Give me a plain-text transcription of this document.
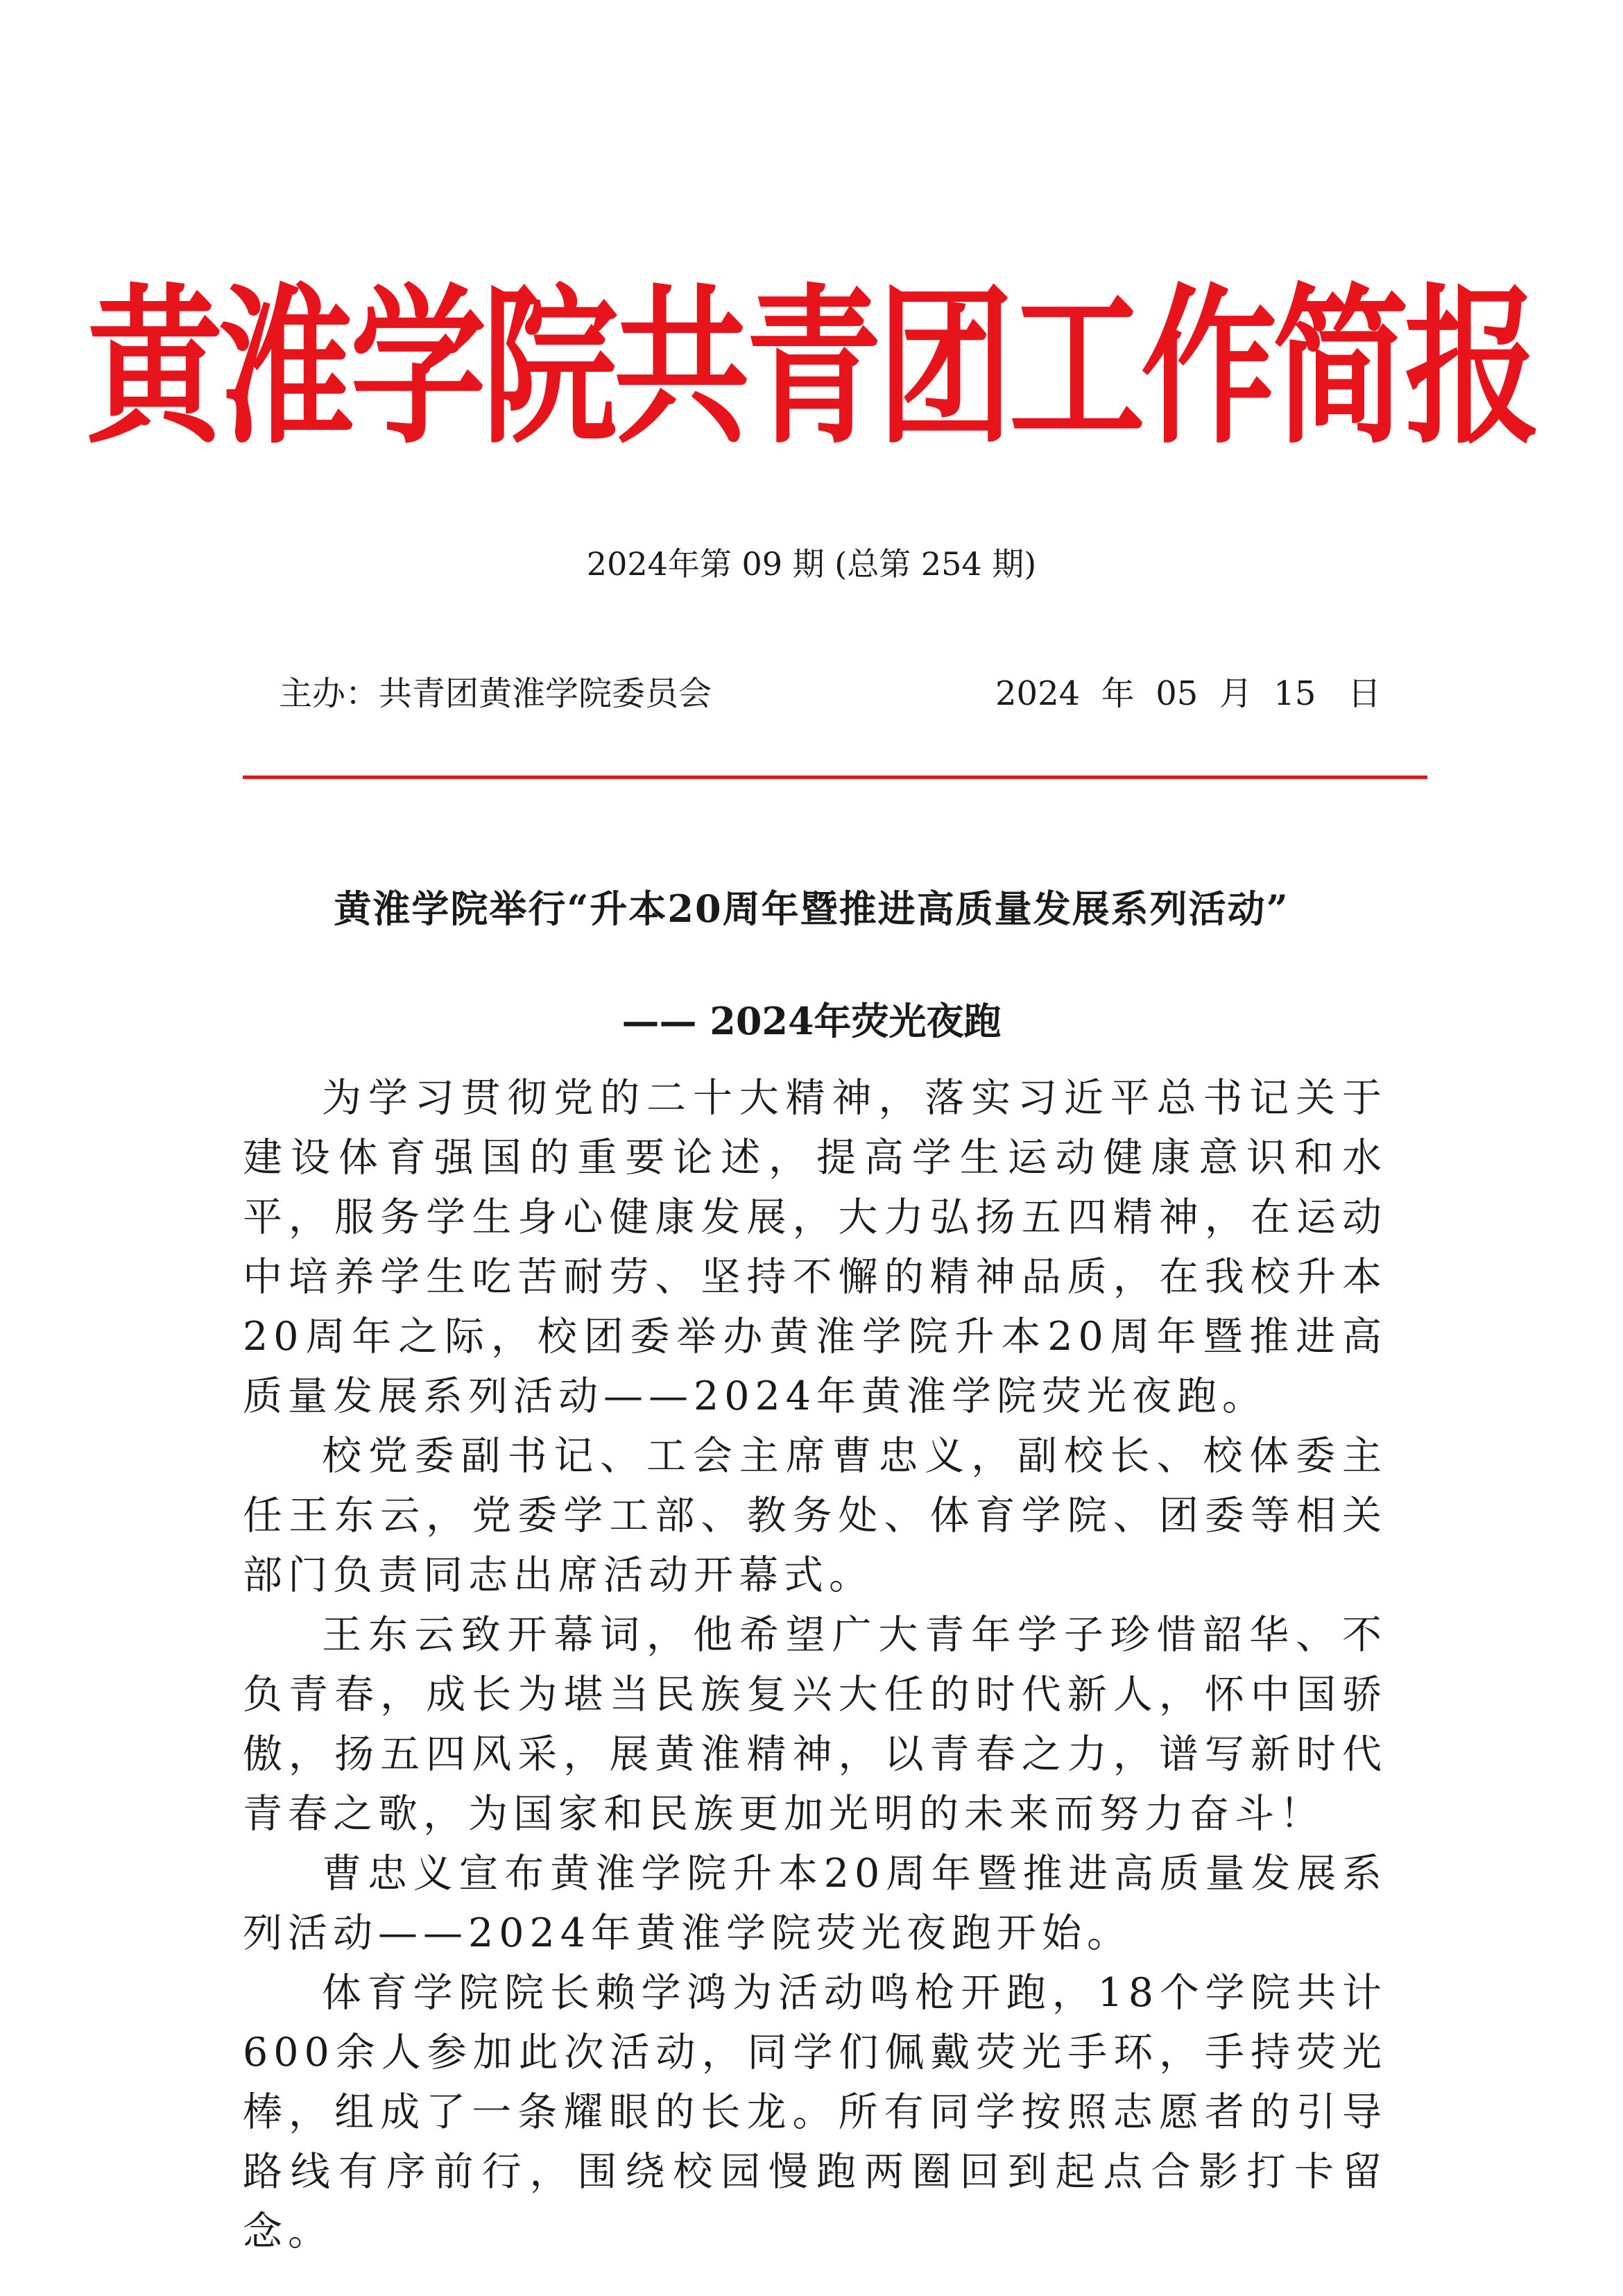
黄淮学院共青团工作简报
2024年第 09 期 (总第 254 期)
主办：共青团黄淮学院委员会	2024  年  05  月  15   日
黄淮学院举行“升本20周年暨推进高质量发展系列活动”
—— 2024年荧光夜跑

为学习贯彻党的二十大精神，落实习近平总书记关于建设体育强国的重要论述，提高学生运动健康意识和水平，服务学生身心健康发展，大力弘扬五四精神，在运动中培养学生吃苦耐劳、坚持不懈的精神品质，在我校升本20周年之际，校团委举办黄淮学院升本20周年暨推进高质量发展系列活动——2024年黄淮学院荧光夜跑。

校党委副书记、工会主席曹忠义，副校长、校体委主任王东云，党委学工部、教务处、体育学院、团委等相关部门负责同志出席活动开幕式。

王东云致开幕词，他希望广大青年学子珍惜韶华、不负青春，成长为堪当民族复兴大任的时代新人，怀中国骄傲，扬五四风采，展黄淮精神，以青春之力，谱写新时代青春之歌，为国家和民族更加光明的未来而努力奋斗！

曹忠义宣布黄淮学院升本20周年暨推进高质量发展系列活动——2024年黄淮学院荧光夜跑开始。

体育学院院长赖学鸿为活动鸣枪开跑，18个学院共计600余人参加此次活动，同学们佩戴荧光手环，手持荧光棒，组成了一条耀眼的长龙。所有同学按照志愿者的引导路线有序前行，围绕校园慢跑两圈回到起点合影打卡留念。
